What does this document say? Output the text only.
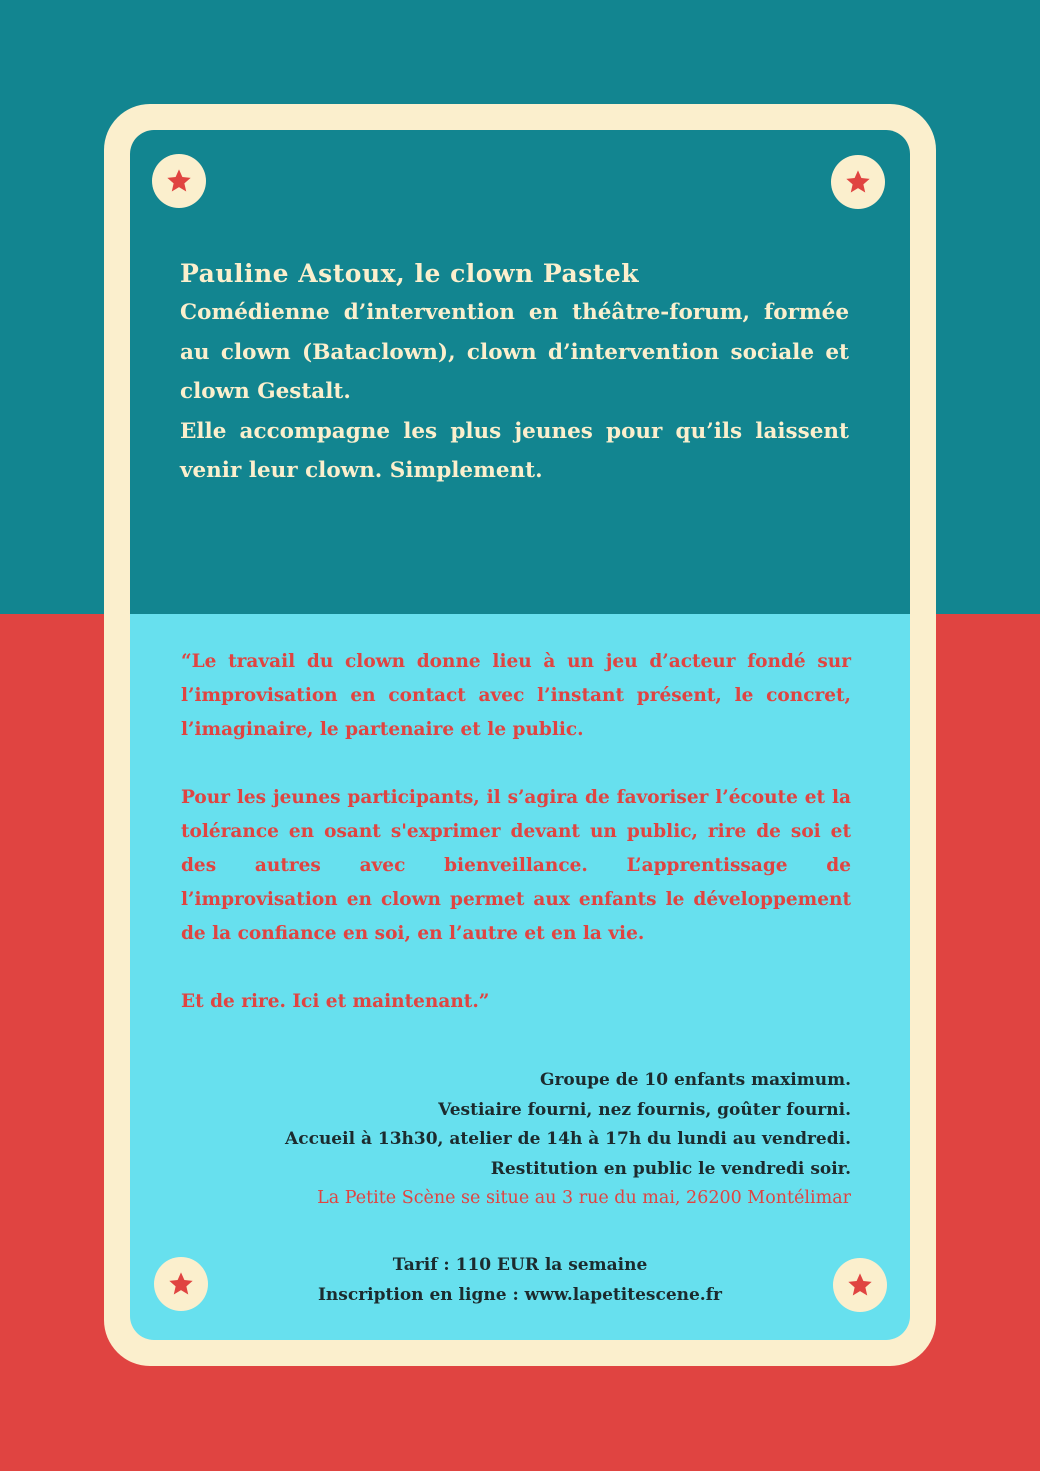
Pauline Astoux, le clown Pastek

Comédienne d’intervention en théâtre-forum, formée au clown (Bataclown), clown d’intervention sociale et clown Gestalt.

Elle accompagne les plus jeunes pour qu’ils laissent venir leur clown. Simplement.

“Le travail du clown donne lieu à un jeu d’acteur fondé sur l’improvisation en contact avec l’instant présent, le concret, l’imaginaire, le partenaire et le public.

Pour les jeunes participants, il s’agira de favoriser l’écoute et la tolérance en osant s'exprimer devant un public, rire de soi et des autres avec bienveillance. L’apprentissage de l’improvisation en clown permet aux enfants le développement de la confiance en soi, en l’autre et en la vie.

Et de rire. Ici et maintenant.”

Groupe de 10 enfants maximum.

Vestiaire fourni, nez fournis, goûter fourni.

Accueil à 13h30, atelier de 14h à 17h du lundi au vendredi.

Restitution en public le vendredi soir.

La Petite Scène se situe au 3 rue du mai, 26200 Montélimar

Tarif : 110 EUR la semaine

Inscription en ligne : www.lapetitescene.fr
